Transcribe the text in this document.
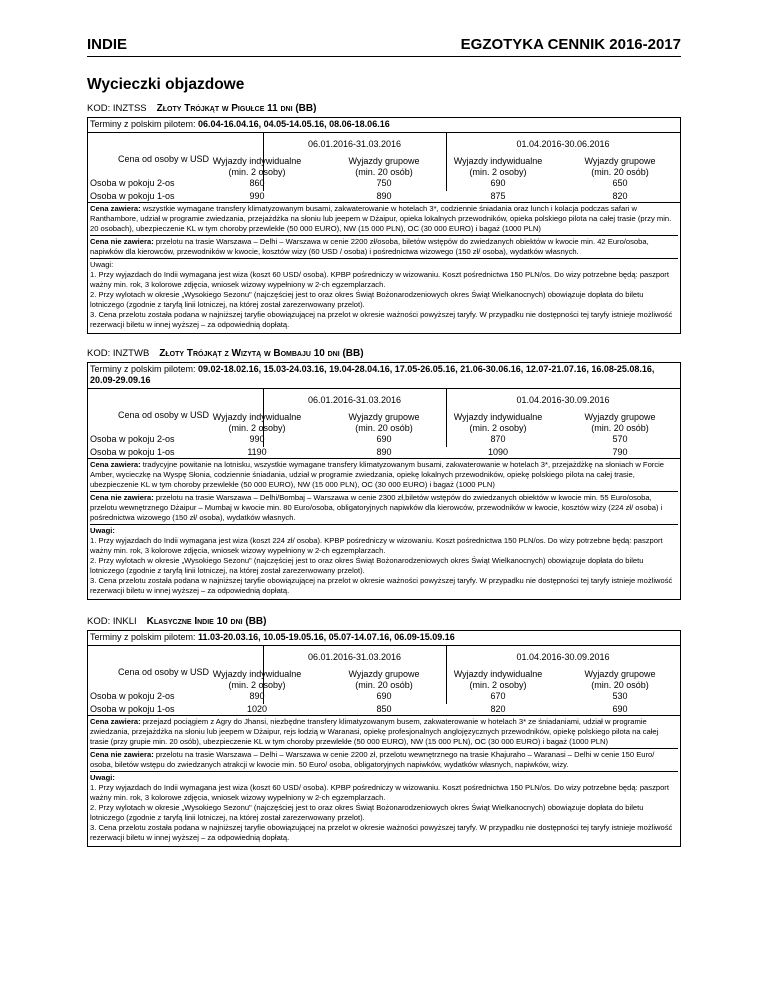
INDIE	EGZOTYKA CENNIK 2016-2017
Wycieczki objazdowe
KOD: INZTSS Złoty Trójkąt w Pigułce 11 dni (BB)
Terminy z polskim pilotem: 06.04-16.04.16, 04.05-14.05.16, 08.06-18.06.16
Cena od osoby w USD
06.01.2016-31.03.2016	01.04.2016-30.06.2016
Wyjazdy indywidualne
(min. 2 osoby)
Wyjazdy grupowe
(min. 20 osób)
Wyjazdy indywidualne
(min. 2 osoby)
Wyjazdy grupowe
(min. 20 osób)
Osoba w pokoju 2-os	860	750	690	650
Osoba w pokoju 1-os	990	890	875	820
Cena zawiera: wszystkie wymagane transfery klimatyzowanym busami, zakwaterowanie w hotelach 3*, codziennie śniadania oraz lunch i kolacja podczas safari w Ranthambore, udział w programie zwiedzania, przejażdżka na słoniu lub jeepem w Dżaipur, opieka lokalnych przewodników, opieka polskiego pilota na całej trasie (przy min. 20 osobach), ubezpieczenie KL w tym choroby przewlekłe (50 000 EURO), NW (15 000 PLN), OC (30 000 EURO) i bagaż (1000 PLN)
Cena nie zawiera: przelotu na trasie Warszawa – Delhi – Warszawa w cenie 2200 zł/osoba, biletów wstępów do zwiedzanych obiektów w kwocie min. 42 Euro/osoba, napiwków dla kierowców, przewodników w kwocie, kosztów wizy (60 USD / osoba) i pośrednictwa wizowego (150 zł/ osoba), wydatków własnych.
Uwagi:
1. Przy wyjazdach do Indii wymagana jest wiza (koszt 60 USD/ osoba). KPBP pośredniczy w wizowaniu. Koszt pośrednictwa 150 PLN/os. Do wizy potrzebne będą: paszport ważny min. rok, 3 kolorowe zdjęcia, wniosek wizowy wypełniony w 2-ch egzemplarzach.
2. Przy wylotach w okresie „Wysokiego Sezonu" (najczęściej jest to oraz okres Świąt Bożonarodzeniowych okres Świąt Wielkanocnych) obowiązuje dopłata do biletu lotniczego (zgodnie z taryfą linii lotniczej, na której został zarezerwowany przelot).
3. Cena przelotu została podana w najniższej taryfie obowiązującej na przelot w okresie ważności powyższej taryfy. W przypadku nie dostępności tej taryfy istnieje możliwość rezerwacji biletu w innej wyższej – za odpowiednią dopłatą.
KOD: INZTWB Złoty Trójkąt z Wizytą w Bombaju 10 dni (BB)
Terminy z polskim pilotem: 09.02-18.02.16, 15.03-24.03.16, 19.04-28.04.16, 17.05-26.05.16, 21.06-30.06.16, 12.07-21.07.16, 16.08-25.08.16, 20.09-29.09.16
Cena od osoby w USD
06.01.2016-31.03.2016	01.04.2016-30.09.2016
Wyjazdy indywidualne
(min. 2 osoby)
Wyjazdy grupowe
(min. 20 osób)
Wyjazdy indywidualne
(min. 2 osoby)
Wyjazdy grupowe
(min. 20 osób)
Osoba w pokoju 2-os	990	690	870	570
Osoba w pokoju 1-os	1190	890	1090	790
Cena zawiera: tradycyjne powitanie na lotnisku, wszystkie wymagane transfery klimatyzowanym busami, zakwaterowanie w hotelach 3*, przejażdżkę na słoniach w Forcie Amber, wycieczkę na Wyspę Słonia, codziennie śniadania, udział w programie zwiedzania, opiekę lokalnych przewodników, opiekę polskiego pilota na całej trasie, ubezpieczenie KL w tym choroby przewlekłe (50 000 EURO), NW (15 000 PLN), OC (30 000 EURO) i bagaż (1000 PLN)
Cena nie zawiera: przelotu na trasie Warszawa – Delhi/Bombaj – Warszawa w cenie 2300 zł,biletów wstępów do zwiedzanych obiektów w kwocie min. 55 Euro/osoba, przelotu wewnętrznego Dżaipur – Mumbaj w kwocie min. 80 Euro/osoba, obligatoryjnych napiwków dla kierowców, przewodników w kwocie, kosztów wizy (224 zł/ osoba) i pośrednictwa wizowego (150 zł/ osoba), wydatków własnych.
Uwagi:
1. Przy wyjazdach do Indii wymagana jest wiza (koszt 224 zł/ osoba). KPBP pośredniczy w wizowaniu. Koszt pośrednictwa 150 PLN/os. Do wizy potrzebne będą: paszport ważny min. rok, 3 kolorowe zdjęcia, wniosek wizowy wypełniony w 2-ch egzemplarzach.
2. Przy wylotach w okresie „Wysokiego Sezonu" (najczęściej jest to oraz okres Świąt Bożonarodzeniowych okres Świąt Wielkanocnych) obowiązuje dopłata do biletu lotniczego (zgodnie z taryfą linii lotniczej, na której został zarezerwowany przelot).
3. Cena przelotu została podana w najniższej taryfie obowiązującej na przelot w okresie ważności powyższej taryfy. W przypadku nie dostępności tej taryfy istnieje możliwość rezerwacji biletu w innej wyższej – za odpowiednią dopłatą.
KOD: INKLI Klasyczne Indie 10 dni (BB)
Terminy z polskim pilotem: 11.03-20.03.16, 10.05-19.05.16, 05.07-14.07.16, 06.09-15.09.16
Cena od osoby w USD
06.01.2016-31.03.2016	01.04.2016-30.09.2016
Wyjazdy indywidualne
(min. 2 osoby)
Wyjazdy grupowe
(min. 20 osób)
Wyjazdy indywidualne
(min. 2 osoby)
Wyjazdy grupowe
(min. 20 osób)
Osoba w pokoju 2-os	890	690	670	530
Osoba w pokoju 1-os	1020	850	820	690
Cena zawiera: przejazd pociągiem z Agry do Jhansi, niezbędne transfery klimatyzowanym busem, zakwaterowanie w hotelach 3* ze śniadaniami, udział w programie zwiedzania, przejażdżka na słoniu lub jeepem w Dżaipur, rejs łodzią w Waranasi, opiekę profesjonalnych anglojęzycznych przewodników, opiekę polskiego pilota na całej trasie (przy grupie min. 20 osób), ubezpieczenie KL w tym choroby przewlekłe (50 000 EURO), NW (15 000 PLN), OC (30 000 EURO) i bagaż (1000 PLN)
Cena nie zawiera: przelotu na trasie Warszawa – Delhi – Warszawa w cenie 2200 zł, przelotu wewnętrznego na trasie Khajuraho – Waranasi – Delhi w cenie 150 Euro/ osoba, biletów wstępu do zwiedzanych atrakcji w kwocie min. 50 Euro/ osoba, obligatoryjnych napiwków, wydatków własnych, napiwków, wizy.
Uwagi:
1. Przy wyjazdach do Indii wymagana jest wiza (koszt 60 USD/ osoba). KPBP pośredniczy w wizowaniu. Koszt pośrednictwa 150 PLN/os. Do wizy potrzebne będą: paszport ważny min. rok, 3 kolorowe zdjęcia, wniosek wizowy wypełniony w 2-ch egzemplarzach.
2. Przy wylotach w okresie „Wysokiego Sezonu" (najczęściej jest to oraz okres Świąt Bożonarodzeniowych okres Świąt Wielkanocnych) obowiązuje dopłata do biletu lotniczego (zgodnie z taryfą linii lotniczej, na której został zarezerwowany przelot).
3. Cena przelotu została podana w najniższej taryfie obowiązującej na przelot w okresie ważności powyższej taryfy. W przypadku nie dostępności tej taryfy istnieje możliwość rezerwacji biletu w innej wyższej – za odpowiednią dopłatą.
